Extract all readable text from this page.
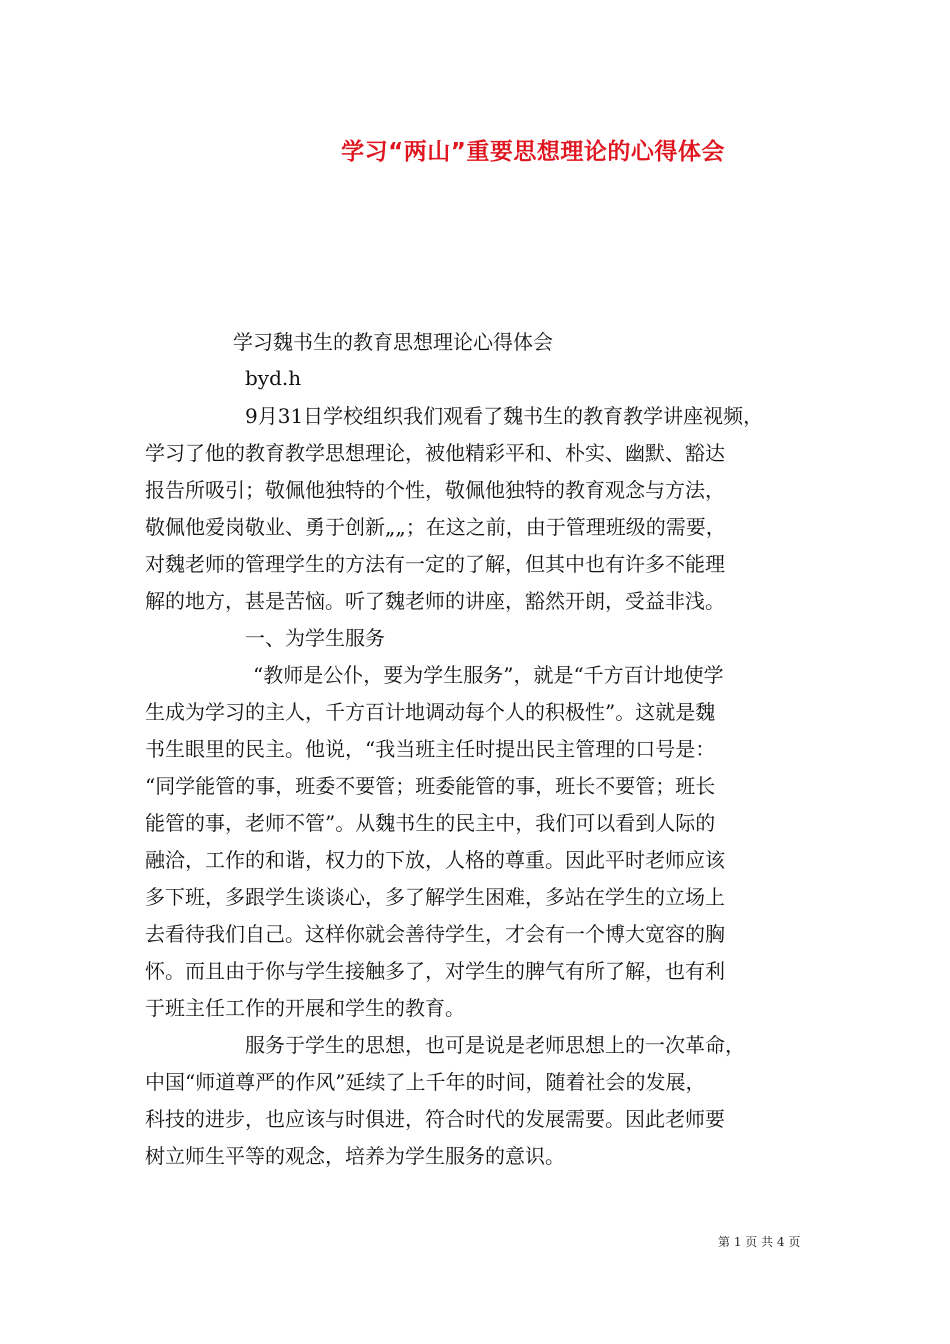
学习“两山”重要思想理论的心得体会

学习魏书生的教育思想理论心得体会

byd.h

9月31日学校组织我们观看了魏书生的教育教学讲座视频，
学习了他的教育教学思想理论，被他精彩平和、朴实、幽默、豁达
报告所吸引；敬佩他独特的个性，敬佩他独特的教育观念与方法，
敬佩他爱岗敬业、勇于创新„„；在这之前，由于管理班级的需要，
对魏老师的管理学生的方法有一定的了解，但其中也有许多不能理
解的地方，甚是苦恼。听了魏老师的讲座，豁然开朗，受益非浅。
一、为学生服务
“教师是公仆，要为学生服务”，就是“千方百计地使学
生成为学习的主人，千方百计地调动每个人的积极性”。这就是魏
书生眼里的民主。他说，“我当班主任时提出民主管理的口号是：
“同学能管的事，班委不要管；班委能管的事，班长不要管；班长
能管的事，老师不管”。从魏书生的民主中，我们可以看到人际的
融洽，工作的和谐，权力的下放，人格的尊重。因此平时老师应该
多下班，多跟学生谈谈心，多了解学生困难，多站在学生的立场上
去看待我们自己。这样你就会善待学生，才会有一个博大宽容的胸
怀。而且由于你与学生接触多了，对学生的脾气有所了解，也有利
于班主任工作的开展和学生的教育。
服务于学生的思想，也可是说是老师思想上的一次革命，
中国“师道尊严的作风”延续了上千年的时间，随着社会的发展，
科技的进步，也应该与时俱进，符合时代的发展需要。因此老师要
树立师生平等的观念，培养为学生服务的意识。
第 1 页 共 4 页
